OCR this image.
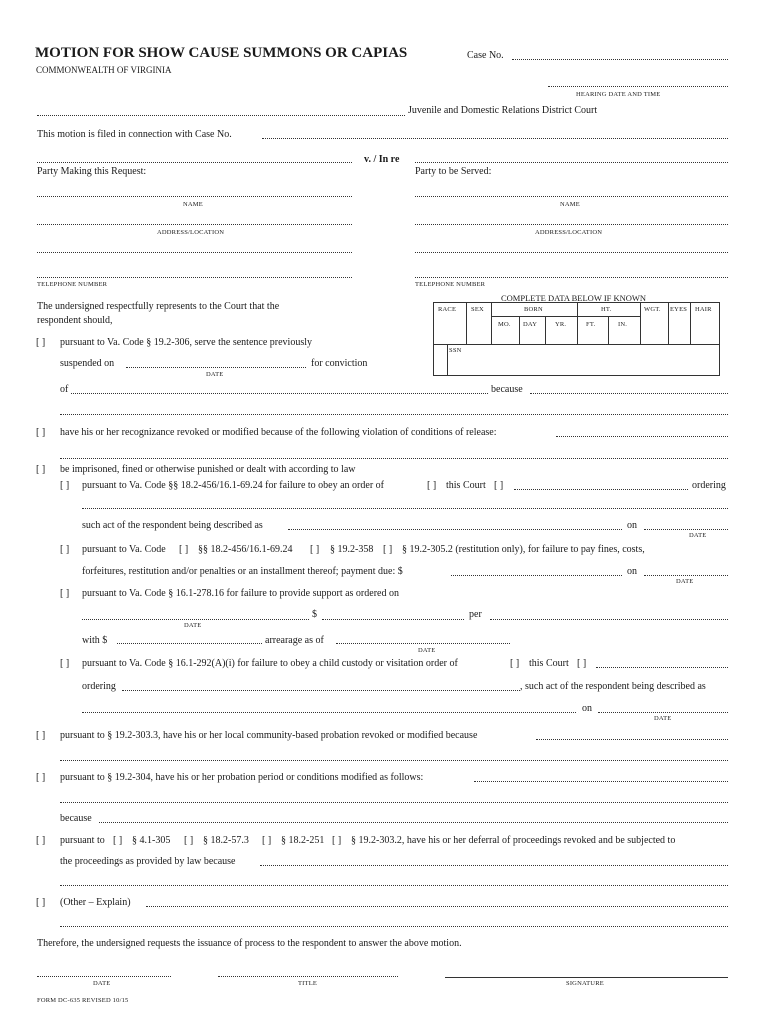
MOTION FOR SHOW CAUSE SUMMONS OR CAPIAS
COMMONWEALTH OF VIRGINIA
Case No.
HEARING DATE AND TIME
Juvenile and Domestic Relations District Court
This motion is filed in connection with Case No.
v. / In re
Party Making this Request:	Party to be Served:
NAME	NAME
ADDRESS/LOCATION	ADDRESS/LOCATION
TELEPHONE NUMBER	TELEPHONE NUMBER
COMPLETE DATA BELOW IF KNOWN
RACE SEX	BORN	HT.	WGT. EYES HAIR
MO. DAY	YR.	FT.	IN.
SSN
The undersigned respectfully represents to the Court that the
respondent should,
[ ] pursuant to Va. Code § 19.2-306, serve the sentence previously
suspended on	for conviction
DATE
of	because
[ ] have his or her recognizance revoked or modified because of the following violation of conditions of release:
[ ] be imprisoned, fined or otherwise punished or dealt with according to law
[ ] pursuant to Va. Code §§ 18.2-456/16.1-69.24 for failure to obey an order of	[ ] this Court [ ]	ordering
such act of the respondent being described as	on
DATE
[ ] pursuant to Va. Code [ ] §§ 18.2-456/16.1-69.24 [ ] § 19.2-358 [ ] § 19.2-305.2 (restitution only), for failure to pay fines, costs,
forfeitures, restitution and/or penalties or an installment thereof; payment due: $	on
DATE
[ ] pursuant to Va. Code § 16.1-278.16 for failure to provide support as ordered on
$	per
DATE
with $	arrearage as of
DATE
[ ] pursuant to Va. Code § 16.1-292(A)(i) for failure to obey a child custody or visitation order of	[ ] this Court [ ]
ordering	, such act of the respondent being described as
on
DATE
[ ] pursuant to § 19.2-303.3, have his or her local community-based probation revoked or modified because
[ ] pursuant to § 19.2-304, have his or her probation period or conditions modified as follows:
because
[ ] pursuant to [ ] § 4.1-305 [ ] § 18.2-57.3 [ ] § 18.2-251 [ ] § 19.2-303.2, have his or her deferral of proceedings revoked and be subjected to
the proceedings as provided by law because
[ ] (Other – Explain)
Therefore, the undersigned requests the issuance of process to the respondent to answer the above motion.
DATE	TITLE	SIGNATURE
FORM DC-635 REVISED 10/15
